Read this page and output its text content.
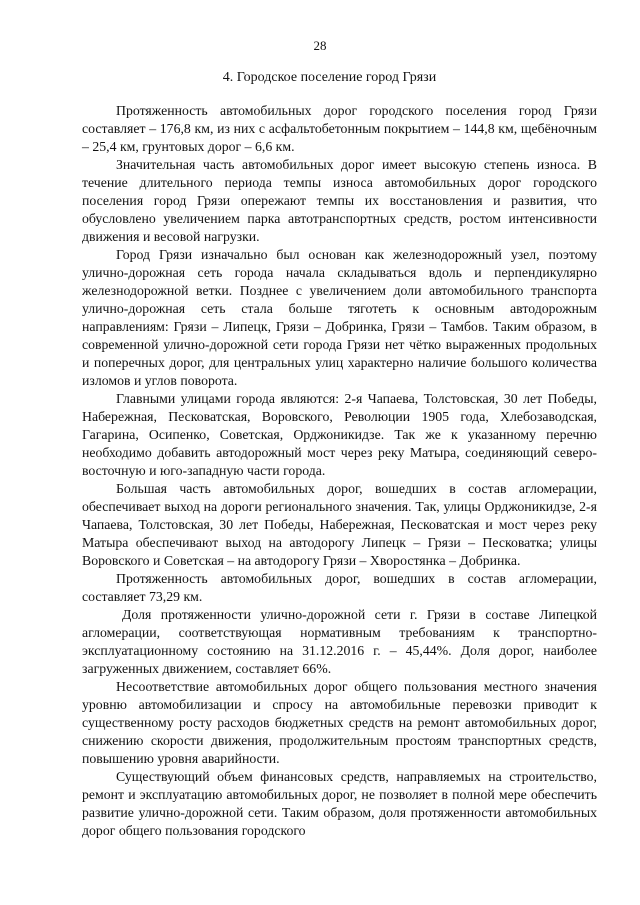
28
4. Городское поселение город Грязи

Протяженность автомобильных дорог городского поселения город Грязи составляет – 176,8 км, из них с асфальтобетонным покрытием – 144,8 км, щебёночным – 25,4 км, грунтовых дорог – 6,6 км.

Значительная часть автомобильных дорог имеет высокую степень износа. В течение длительного периода темпы износа автомобильных дорог городского поселения город Грязи опережают темпы их восстановления и развития, что обусловлено увеличением парка автотранспортных средств, ростом интенсивности движения и весовой нагрузки.

Город Грязи изначально был основан как железнодорожный узел, поэтому улично-дорожная сеть города начала складываться вдоль и перпендикулярно железнодорожной ветки. Позднее с увеличением доли автомобильного транспорта улично-дорожная сеть стала больше тяготеть к основным автодорожным направлениям: Грязи – Липецк, Грязи – Добринка, Грязи – Тамбов. Таким образом, в современной улично-дорожной сети города Грязи нет чётко выраженных продольных и поперечных дорог, для центральных улиц характерно наличие большого количества изломов и углов поворота.

Главными улицами города являются: 2-я Чапаева, Толстовская, 30 лет Победы, Набережная, Песковатская, Воровского, Революции 1905 года, Хлебозаводская, Гагарина, Осипенко, Советская, Орджоникидзе. Так же к указанному перечню необходимо добавить автодорожный мост через реку Матыра, соединяющий северо-восточную и юго-западную части города.

Большая часть автомобильных дорог, вошедших в состав агломерации, обеспечивает выход на дороги регионального значения. Так, улицы Орджоникидзе, 2-я Чапаева, Толстовская, 30 лет Победы, Набережная, Песковатская и мост через реку Матыра обеспечивают выход на автодорогу Липецк – Грязи – Песковатка; улицы Воровского и Советская – на автодорогу Грязи – Хворостянка – Добринка.

Протяженность автомобильных дорог, вошедших в состав агломерации, составляет 73,29 км.

Доля протяженности улично-дорожной сети г. Грязи в составе Липецкой агломерации, соответствующая нормативным требованиям к транспортно-эксплуатационному состоянию на 31.12.2016 г. – 45,44%. Доля дорог, наиболее загруженных движением, составляет 66%.

Несоответствие автомобильных дорог общего пользования местного значения уровню автомобилизации и спросу на автомобильные перевозки приводит к существенному росту расходов бюджетных средств на ремонт автомобильных дорог, снижению скорости движения, продолжительным простоям транспортных средств, повышению уровня аварийности.

Существующий объем финансовых средств, направляемых на строительство, ремонт и эксплуатацию автомобильных дорог, не позволяет в полной мере обеспечить развитие улично-дорожной сети. Таким образом, доля протяженности автомобильных дорог общего пользования городского
